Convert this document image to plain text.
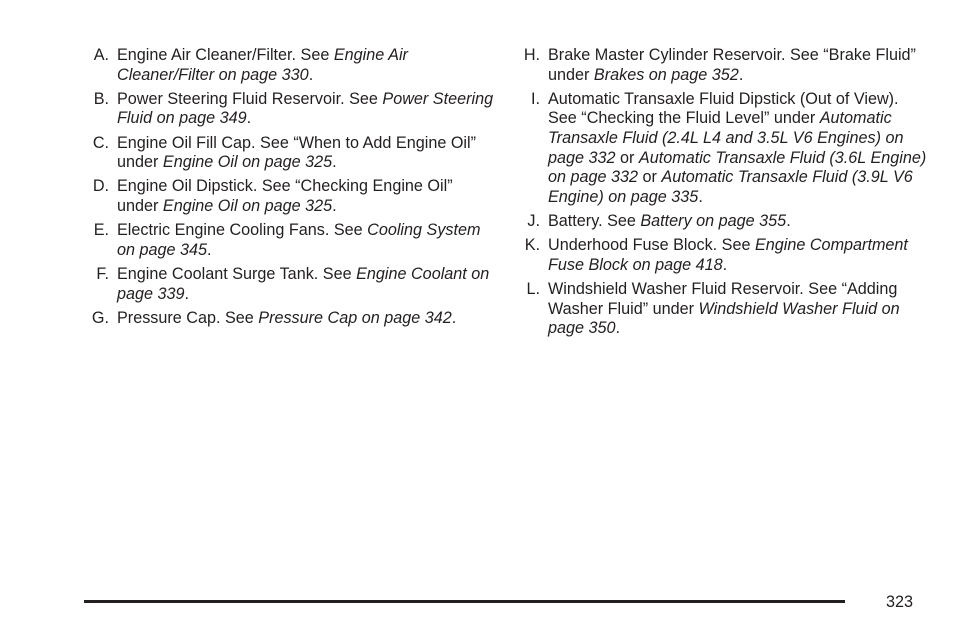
A. Engine Air Cleaner/Filter. See Engine Air Cleaner/Filter on page 330.
B. Power Steering Fluid Reservoir. See Power Steering Fluid on page 349.
C. Engine Oil Fill Cap. See “When to Add Engine Oil” under Engine Oil on page 325.
D. Engine Oil Dipstick. See “Checking Engine Oil” under Engine Oil on page 325.
E. Electric Engine Cooling Fans. See Cooling System on page 345.
F. Engine Coolant Surge Tank. See Engine Coolant on page 339.
G. Pressure Cap. See Pressure Cap on page 342.
H. Brake Master Cylinder Reservoir. See “Brake Fluid” under Brakes on page 352.
I. Automatic Transaxle Fluid Dipstick (Out of View). See “Checking the Fluid Level” under Automatic Transaxle Fluid (2.4L L4 and 3.5L V6 Engines) on page 332 or Automatic Transaxle Fluid (3.6L Engine) on page 332 or Automatic Transaxle Fluid (3.9L V6 Engine) on page 335.
J. Battery. See Battery on page 355.
K. Underhood Fuse Block. See Engine Compartment Fuse Block on page 418.
L. Windshield Washer Fluid Reservoir. See “Adding Washer Fluid” under Windshield Washer Fluid on page 350.
323
